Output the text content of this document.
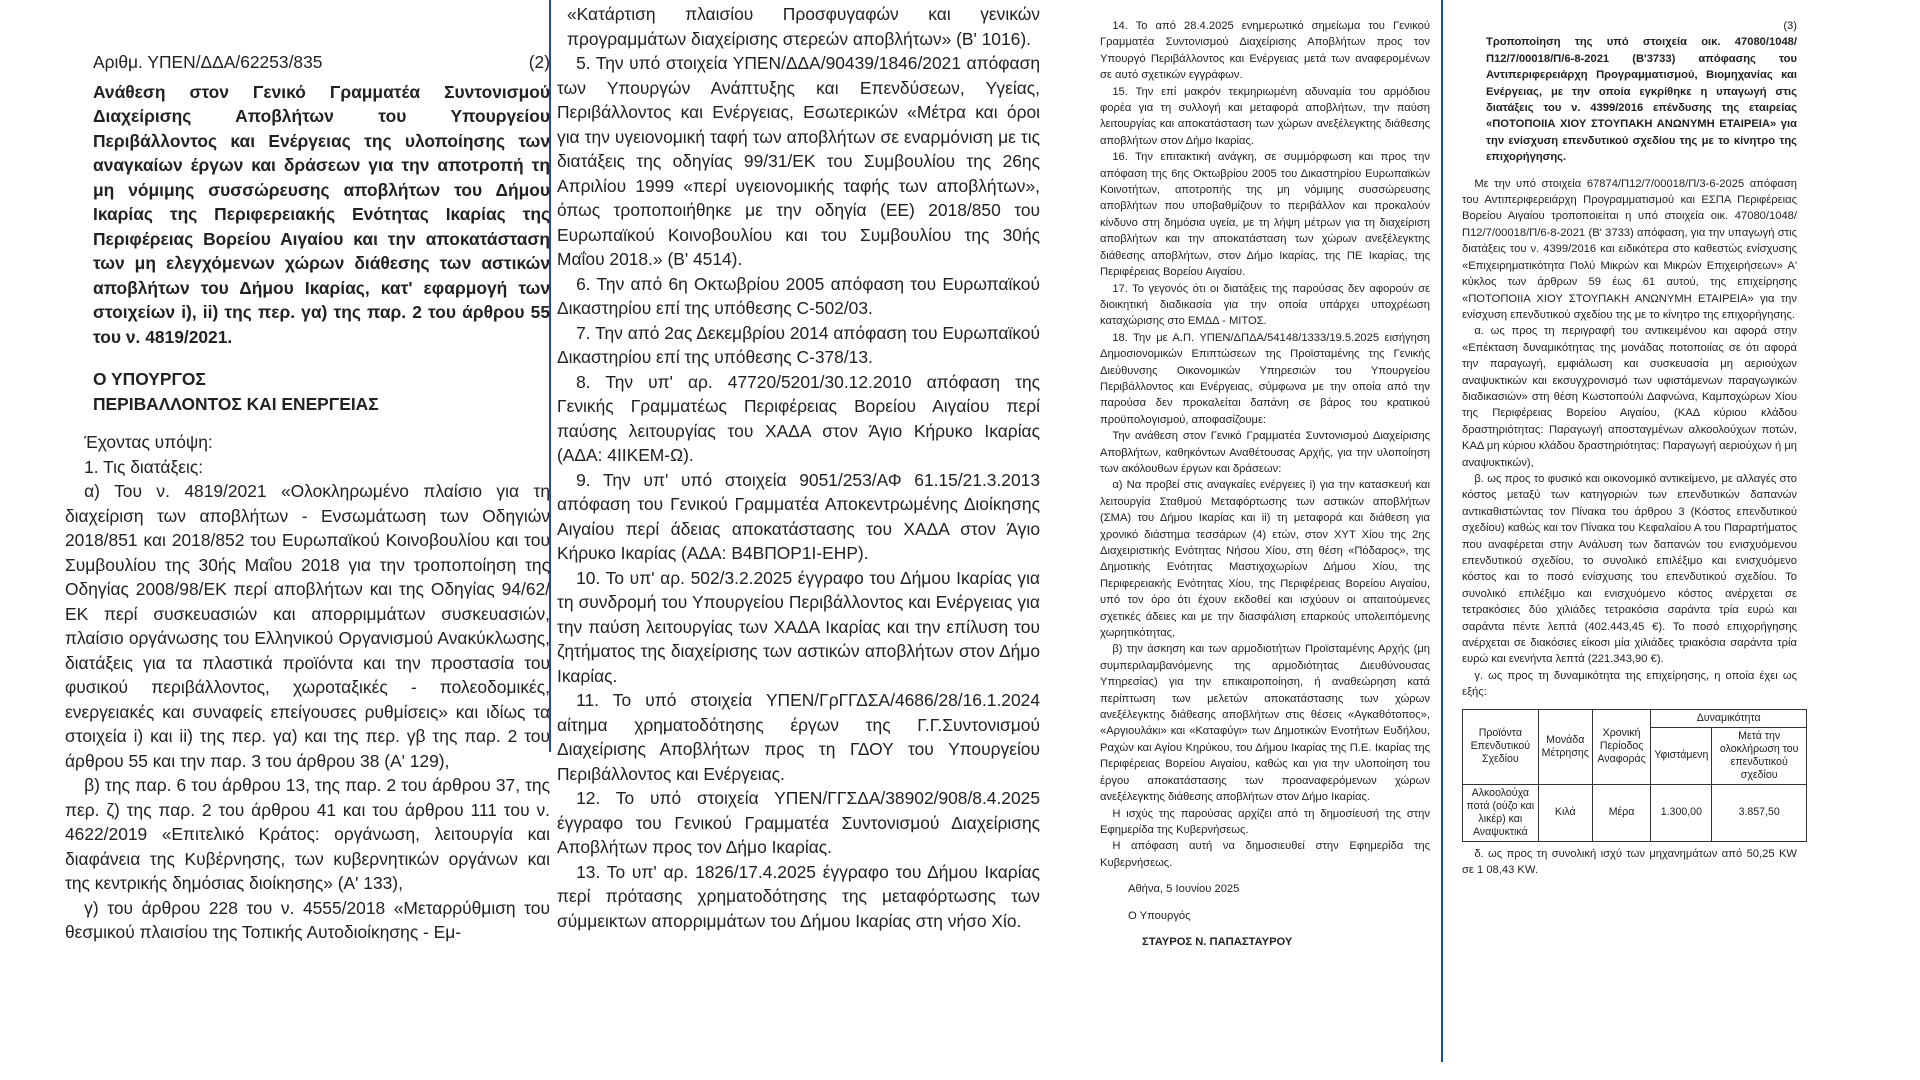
Αριθμ. ΥΠΕΝ/ΔΔΑ/62253/835	(2)

Ανάθεση στον Γενικό Γραμματέα Συντονισμού Διαχείρισης Αποβλήτων του Υπουργείου Περιβάλλοντος και Ενέργειας της υλοποίησης των αναγκαίων έργων και δράσεων για την αποτροπή τη μη νόμιμης συσσώρευσης αποβλήτων του Δήμου Ικαρίας της Περιφερειακής Ενότητας Ικαρίας της Περιφέρειας Βορείου Αιγαίου και την αποκατάσταση των μη ελεγχόμενων χώρων διάθεσης των αστικών αποβλήτων του Δήμου Ικαρίας, κατ' εφαρμογή των στοιχείων i), ii) της περ. γα) της παρ. 2 του άρθρου 55 του ν. 4819/2021.

Ο ΥΠΟΥΡΓΟΣ
ΠΕΡΙΒΑΛΛΟΝΤΟΣ ΚΑΙ ΕΝΕΡΓΕΙΑΣ

Έχοντας υπόψη:

1. Τις διατάξεις:

α) Του ν. 4819/2021 «Ολοκληρωμένο πλαίσιο για τη διαχείριση των αποβλήτων - Ενσωμάτωση των Οδηγιών 2018/851 και 2018/852 του Ευρωπαϊκού Κοινοβουλίου και του Συμβουλίου της 30ής Μαΐου 2018 για την τροποποίηση της Οδηγίας 2008/98/ΕΚ περί αποβλήτων και της Οδηγίας 94/62/ΕΚ περί συσκευασιών και απορριμμάτων συσκευασιών, πλαίσιο οργάνωσης του Ελληνικού Οργανισμού Ανακύκλωσης, διατάξεις για τα πλαστικά προϊόντα και την προστασία του φυσικού περιβάλλοντος, χωροταξικές - πολεοδομικές, ενεργειακές και συναφείς επείγουσες ρυθμίσεις» και ιδίως τα στοιχεία i) και ii) της περ. γα) και της περ. γβ της παρ. 2 του άρθρου 55 και την παρ. 3 του άρθρου 38 (Α' 129),

β) της παρ. 6 του άρθρου 13, της παρ. 2 του άρθρου 37, της περ. ζ) της παρ. 2 του άρθρου 41 και του άρθρου 111 του ν. 4622/2019 «Επιτελικό Κράτος: οργάνωση, λειτουργία και διαφάνεια της Κυβέρνησης, των κυβερνητικών οργάνων και της κεντρικής δημόσιας διοίκησης» (Α' 133),

γ) του άρθρου 228 του ν. 4555/2018 «Μεταρρύθμιση του θεσμικού πλαισίου της Τοπικής Αυτοδιοίκησης - Εμ-

«Κατάρτιση πλαισίου Προσφυγαφών και γενικών προγραμμάτων διαχείρισης στερεών αποβλήτων» (Β' 1016).

5. Την υπό στοιχεία ΥΠΕΝ/ΔΔΑ/90439/1846/2021 απόφαση των Υπουργών Ανάπτυξης και Επενδύσεων, Υγείας, Περιβάλλοντος και Ενέργειας, Εσωτερικών «Μέτρα και όροι για την υγειονομική ταφή των αποβλήτων σε εναρμόνιση με τις διατάξεις της οδηγίας 99/31/ΕΚ του Συμβουλίου της 26ης Απριλίου 1999 «περί υγειονομικής ταφής των αποβλήτων», όπως τροποποιήθηκε με την οδηγία (ΕΕ) 2018/850 του Ευρωπαϊκού Κοινοβουλίου και του Συμβουλίου της 30ής Μαΐου 2018.» (Β' 4514).

6. Την από 6η Οκτωβρίου 2005 απόφαση του Ευρωπαϊκού Δικαστηρίου επί της υπόθεσης C-502/03.

7. Την από 2ας Δεκεμβρίου 2014 απόφαση του Ευρωπαϊκού Δικαστηρίου επί της υπόθεσης C-378/13.

8. Την υπ' αρ. 47720/5201/30.12.2010 απόφαση της Γενικής Γραμματέως Περιφέρειας Βορείου Αιγαίου περί παύσης λειτουργίας του ΧΑΔΑ στον Άγιο Κήρυκο Ικαρίας (ΑΔΑ: 4ΙΙΚΕΜ-Ω).

9. Την υπ' υπό στοιχεία 9051/253/ΑΦ 61.15/21.3.2013 απόφαση του Γενικού Γραμματέα Αποκεντρωμένης Διοίκησης Αιγαίου περί άδειας αποκατάστασης του ΧΑΔΑ στον Άγιο Κήρυκο Ικαρίας (ΑΔΑ: Β4ΒΠΟΡ1Ι-ΕΗΡ).

10. Το υπ' αρ. 502/3.2.2025 έγγραφο του Δήμου Ικαρίας για τη συνδρομή του Υπουργείου Περιβάλλοντος και Ενέργειας για την παύση λειτουργίας των ΧΑΔΑ Ικαρίας και την επίλυση του ζητήματος της διαχείρισης των αστικών αποβλήτων στον Δήμο Ικαρίας.

11. Το υπό στοιχεία ΥΠΕΝ/ΓρΓΓΔΣΑ/4686/28/16.1.2024 αίτημα χρηματοδότησης έργων της Γ.Γ.Συντονισμού Διαχείρισης Αποβλήτων προς τη ΓΔΟΥ του Υπουργείου Περιβάλλοντος και Ενέργειας.

12. Το υπό στοιχεία ΥΠΕΝ/ΓΓΣΔΑ/38902/908/8.4.2025 έγγραφο του Γενικού Γραμματέα Συντονισμού Διαχείρισης Αποβλήτων προς τον Δήμο Ικαρίας.

13. Το υπ' αρ. 1826/17.4.2025 έγγραφο του Δήμου Ικαρίας περί πρότασης χρηματοδότησης της μεταφόρτωσης των σύμμεικτων απορριμμάτων του Δήμου Ικαρίας στη νήσο Χίο.

14. Το από 28.4.2025 ενημερωτικό σημείωμα του Γενικού Γραμματέα Συντονισμού Διαχείρισης Αποβλήτων προς τον Υπουργό Περιβάλλοντος και Ενέργειας μετά των αναφερομένων σε αυτό σχετικών εγγράφων.

15. Την επί μακρόν τεκμηριωμένη αδυναμία του αρμόδιου φορέα για τη συλλογή και μεταφορά αποβλήτων, την παύση λειτουργίας και αποκατάσταση των χώρων ανεξέλεγκτης διάθεσης αποβλήτων στον Δήμο Ικαρίας.

16. Την επιτακτική ανάγκη, σε συμμόρφωση και προς την απόφαση της 6ης Οκτωβρίου 2005 του Δικαστηρίου Ευρωπαϊκών Κοινοτήτων, αποτροπής της μη νόμιμης συσσώρευσης αποβλήτων που υποβαθμίζουν το περιβάλλον και προκαλούν κίνδυνο στη δημόσια υγεία, με τη λήψη μέτρων για τη διαχείριση αποβλήτων και την αποκατάσταση των χώρων ανεξέλεγκτης διάθεσης αποβλήτων, στον Δήμο Ικαρίας, της ΠΕ Ικαρίας, της Περιφέρειας Βορείου Αιγαίου.

17. Το γεγονός ότι οι διατάξεις της παρούσας δεν αφορούν σε διοικητική διαδικασία για την οποία υπάρχει υποχρέωση καταχώρισης στο ΕΜΔΔ - ΜΙΤΟΣ.

18. Την με Α.Π. ΥΠΕΝ/ΔΠΔΑ/54148/1333/19.5.2025 εισήγηση Δημοσιονομικών Επιπτώσεων της Προϊσταμένης της Γενικής Διεύθυνσης Οικονομικών Υπηρεσιών του Υπουργείου Περιβάλλοντος και Ενέργειας, σύμφωνα με την οποία από την παρούσα δεν προκαλείται δαπάνη σε βάρος του κρατικού προϋπολογισμού, αποφασίζουμε:

Την ανάθεση στον Γενικό Γραμματέα Συντονισμού Διαχείρισης Αποβλήτων, καθηκόντων Αναθέτουσας Αρχής, για την υλοποίηση των ακόλουθων έργων και δράσεων:

α) Να προβεί στις αναγκαίες ενέργειες i) για την κατασκευή και λειτουργία Σταθμού Μεταφόρτωσης των αστικών αποβλήτων (ΣΜΑ) του Δήμου Ικαρίας και ii) τη μεταφορά και διάθεση για χρονικό διάστημα τεσσάρων (4) ετών, στον ΧΥΤ Χίου της 2ης Διαχειριστικής Ενότητας Νήσου Χίου, στη θέση «Πόδαρος», της Δημοτικής Ενότητας Μαστιχοχωρίων Δήμου Χίου, της Περιφερειακής Ενότητας Χίου, της Περιφέρειας Βορείου Αιγαίου, υπό τον όρο ότι έχουν εκδοθεί και ισχύουν οι απαιτούμενες σχετικές άδειες και με την διασφάλιση επαρκούς υπολειπόμενης χωρητικότητας,

β) την άσκηση και των αρμοδιοτήτων Προϊσταμένης Αρχής (μη συμπεριλαμβανόμενης της αρμοδιότητας Διευθύνουσας Υπηρεσίας) για την επικαιροποίηση, ή αναθεώρηση κατά περίπτωση των μελετών αποκατάστασης των χώρων ανεξέλεγκτης διάθεσης αποβλήτων στις θέσεις «Αγκαθότοπος», «Αργιουλάκι» και «Καταφύγι» των Δημοτικών Ενοτήτων Ευδήλου, Ραχών και Αγίου Κηρύκου, του Δήμου Ικαρίας της Π.Ε. Ικαρίας της Περιφέρειας Βορείου Αιγαίου, καθώς και για την υλοποίηση του έργου αποκατάστασης των προαναφερόμενων χώρων ανεξέλεγκτης διάθεσης αποβλήτων στον Δήμο Ικαρίας.

Η ισχύς της παρούσας αρχίζει από τη δημοσίευσή της στην Εφημερίδα της Κυβερνήσεως.

Η απόφαση αυτή να δημοσιευθεί στην Εφημερίδα της Κυβερνήσεως.

Αθήνα, 5 Ιουνίου 2025
Ο Υπουργός
ΣΤΑΥΡΟΣ Ν. ΠΑΠΑΣΤΑΥΡΟΥ
(3)

Τροποποίηση της υπό στοιχεία οικ. 47080/1048/Π12/7/00018/Π/6-8-2021 (Β'3733) απόφασης του Αντιπεριφερειάρχη Προγραμματισμού, Βιομηχανίας και Ενέργειας, με την οποία εγκρίθηκε η υπαγωγή στις διατάξεις του ν. 4399/2016 επένδυσης της εταιρείας «ΠΟΤΟΠΟΙΙΑ ΧΙΟΥ ΣΤΟΥΠΑΚΗ ΑΝΩΝΥΜΗ ΕΤΑΙΡΕΙΑ» για την ενίσχυση επενδυτικού σχεδίου της με το κίνητρο της επιχορήγησης.

Με την υπό στοιχεία 67874/Π12/7/00018/Π/3-6-2025 απόφαση του Αντιπεριφερειάρχη Προγραμματισμού και ΕΣΠΑ Περιφέρειας Βορείου Αιγαίου τροποποιείται η υπό στοιχεία οικ. 47080/1048/Π12/7/00018/Π/6-8-2021 (Β' 3733) απόφαση, για την υπαγωγή στις διατάξεις του ν. 4399/2016 και ειδικότερα στο καθεστώς ενίσχυσης «Επιχειρηματικότητα Πολύ Μικρών και Μικρών Επιχειρήσεων» Α' κύκλος των άρθρων 59 έως 61 αυτού, της επιχείρησης «ΠΟΤΟΠΟΙΙΑ ΧΙΟΥ ΣΤΟΥΠΑΚΗ ΑΝΩΝΥΜΗ ΕΤΑΙΡΕΙΑ» για την ενίσχυση επενδυτικού σχεδίου της με το κίνητρο της επιχορήγησης.

α. ως προς τη περιγραφή του αντικειμένου και αφορά στην «Επέκταση δυναμικότητας της μονάδας ποτοποιίας σε ότι αφορά την παραγωγή, εμφιάλωση και συσκευασία μη αεριούχων αναψυκτικών και εκσυγχρονισμό των υφιστάμενων παραγωγικών διαδικασιών» στη θέση Κωστοπούλι Δαφνώνα, Καμποχώρων Χίου της Περιφέρειας Βορείου Αιγαίου, (ΚΑΔ κύριου κλάδου δραστηριότητας: Παραγωγή αποσταγμένων αλκοολούχων ποτών, ΚΑΔ μη κύριου κλάδου δραστηριότητας: Παραγωγή αεριούχων ή μη αναψυκτικών),

β. ως προς το φυσικό και οικονομικό αντικείμενο, με αλλαγές στο κόστος μεταξύ των κατηγοριών των επενδυτικών δαπανών αντικαθιστώντας τον Πίνακα του άρθρου 3 (Κόστος επενδυτικού σχεδίου) καθώς και τον Πίνακα του Κεφαλαίου Α του Παραρτήματος που αναφέρεται στην Ανάλυση των δαπανών του ενισχυόμενου επενδυτικού σχεδίου, το συνολικό επιλέξιμο και ενισχυόμενο κόστος και το ποσό ενίσχυσης του επενδυτικού σχεδίου. Το συνολικό επιλέξιμο και ενισχυόμενο κόστος ανέρχεται σε τετρακόσιες δύο χιλιάδες τετρακόσια σαράντα τρία ευρώ και σαράντα πέντε λεπτά (402.443,45 €). Το ποσό επιχορήγησης ανέρχεται σε διακόσιες είκοσι μία χιλιάδες τριακόσια σαράντα τρία ευρώ και ενενήντα λεπτά (221.343,90 €).

γ. ως προς τη δυναμικότητα της επιχείρησης, η οποία έχει ως εξής:

Προϊόντα Επενδυτικού Σχεδίου	Μονάδα Μέτρησης	Χρονική Περίοδος Αναφοράς	Δυναμικότητα	
			Υφιστάμενη	Μετά την ολοκλήρωση του επενδυτικού σχεδίου
Αλκοολούχα ποτά (ούζο και λικέρ) και Αναψυκτικά	Κιλά	Μέρα	1.300,00	3.857,50

δ. ως προς τη συνολική ισχύ των μηχανημάτων από 50,25 KW σε 1 08,43 KW.
